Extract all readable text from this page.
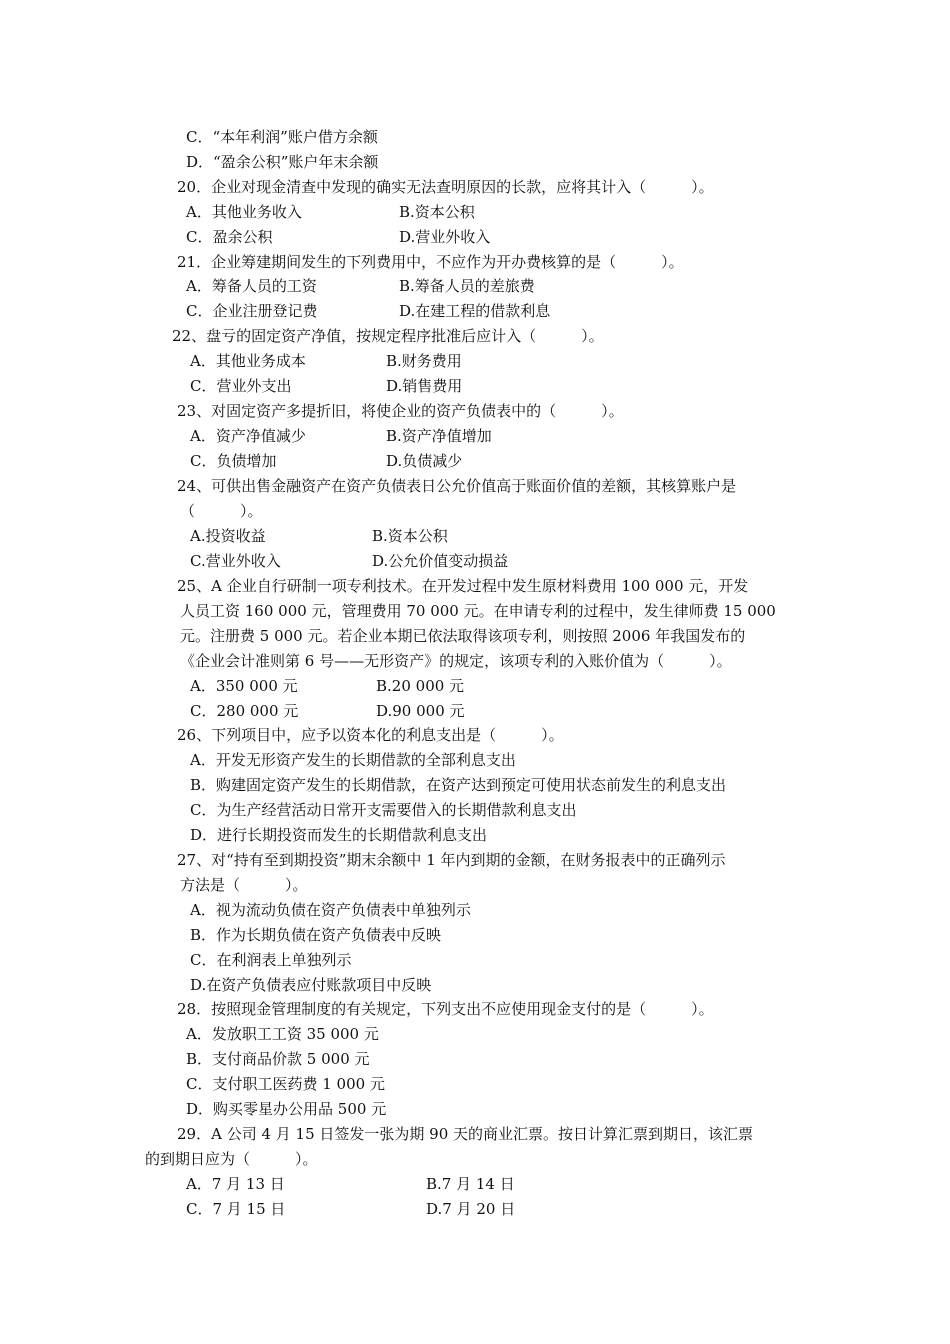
C．“本年利润”账户借方余额
D．“盈余公积”账户年末余额
20．企业对现金清查中发现的确实无法查明原因的长款，应将其计入（　　　）。
A．其他业务收入	B.资本公积
C．盈余公积	D.营业外收入
21．企业筹建期间发生的下列费用中，不应作为开办费核算的是（　　　）。
A．筹备人员的工资	B.筹备人员的差旅费
C．企业注册登记费	D.在建工程的借款利息
22、盘亏的固定资产净值，按规定程序批准后应计入（　　　）。
A．其他业务成本	B.财务费用
C．营业外支出	D.销售费用
23、对固定资产多提折旧，将使企业的资产负债表中的（　　　）。
A．资产净值减少	B.资产净值增加
C．负债增加	D.负债减少
24、可供出售金融资产在资产负债表日公允价值高于账面价值的差额，其核算账户是
（　　　）。
A.投资收益	B.资本公积
C.营业外收入	D.公允价值变动损益
25、A 企业自行研制一项专利技术。在开发过程中发生原材料费用 100 000 元，开发
人员工资 160 000 元，管理费用 70 000 元。在申请专利的过程中，发生律师费 15 000
元。注册费 5 000 元。若企业本期已依法取得该项专利，则按照 2006 年我国发布的
《企业会计准则第 6 号——无形资产》的规定，该项专利的入账价值为（　　　）。
A．350 000 元	B.20 000 元
C．280 000 元	D.90 000 元
26、下列项目中，应予以资本化的利息支出是（　　　）。
A．开发无形资产发生的长期借款的全部利息支出
B．购建固定资产发生的长期借款，在资产达到预定可使用状态前发生的利息支出
C．为生产经营活动日常开支需要借入的长期借款利息支出
D．进行长期投资而发生的长期借款利息支出
27、对“持有至到期投资”期末余额中 1 年内到期的金额，在财务报表中的正确列示
方法是（　　　）。
A．视为流动负债在资产负债表中单独列示
B．作为长期负债在资产负债表中反映
C．在利润表上单独列示
D.在资产负债表应付账款项目中反映
28．按照现金管理制度的有关规定，下列支出不应使用现金支付的是（　　　）。
A．发放职工工资 35 000 元
B．支付商品价款 5 000 元
C．支付职工医药费 1 000 元
D．购买零星办公用品 500 元
29．A 公司 4 月 15 日签发一张为期 90 天的商业汇票。按日计算汇票到期日，该汇票
的到期日应为（　　　）。
A．7 月 13 日	B.7 月 14 日
C．7 月 15 日	D.7 月 20 日
